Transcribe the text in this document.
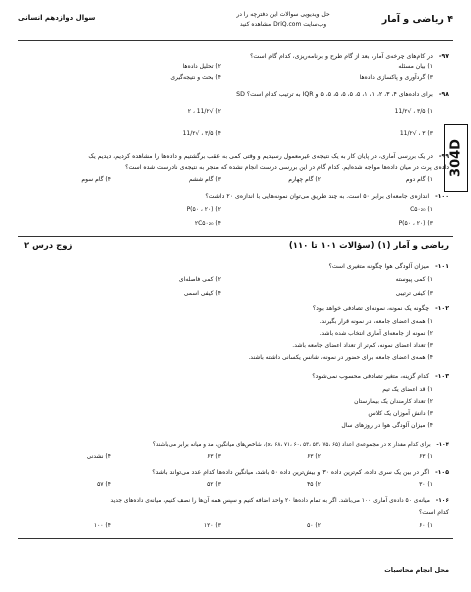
۴ ریاضی و آمار
حل ویدیویی سوالات این دفترچه را در
وب‌سایت DriQ.com مشاهده کنید
سوال دوازدهم انسانی
304D
۹۷- در کام‌های چرخه‌ی آمار، بعد از گام طرح و برنامه‌ریزی، کدام گام است؟
۱) بیان مسئله
۲) تحلیل داده‌ها
۳) گردآوری و پاکسازی داده‌ها
۴) بحث و نتیجه‌گیری
۹۸- برای داده‌های ۴، ۳، ۲، ۱، ۱، ۵، ۵، ۵، ۵، ۵، ۵ و IQR به ترتیب کدام است؟ SD
۱) ۳/۵ ، √11/۲
۲) √11/۲ ، ۲
۳) ۳ ، √11/۲
۴) ۳/۵ ، √11/۲
۹۹- در یک بررسی آماری، در پایان کار به یک نتیجه‌ی غیرمعمول رسیدیم و وقتی کمی به عقب برگشتیم و داده‌ها را مشاهده کردیم، دیدیم یک
داده‌ی پرت در میان داده‌ها مواجه شده‌ایم. کدام گام در این بررسی درست انجام نشده که منجر به نتیجه‌ی نادرست شده است؟
۱) گام دوم
۲) گام چهارم
۳) گام ششم
۴) گام سوم
۱۰۰- اندازه‌ی جامعه‌ای برابر ۵۰ است. به چند طریق می‌توان نمونه‌هایی با اندازه‌ی ۲۰ داشت؟
۱) C۵۰₂₀
۲) P(۵۰ ، ۲۰)
۳) P(۵۰ ، ۲۰)
۴) ۲C۵۰₂₀
ریاضی و آمار (۱) (سؤالات ۱۰۱ تا ۱۱۰)
زوج درس ۲
۱۰۱- میزان آلودگی هوا چگونه متغیری است؟
۱) کمی پیوسته
۲) کمی فاصله‌ای
۳) کیفی ترتیبی
۴) کیفی اسمی
۱۰۲- چگونه یک نمونه، نمونه‌ای تصادفی خواهد بود؟
۱) همه‌ی اعضای جامعه، در نمونه قرار بگیرند.
۲) نمونه از جامعه‌ای آماری انتخاب شده باشد.
۳) تعداد اعضای نمونه، کم‌تر از تعداد اعضای جامعه باشد.
۴) همه‌ی اعضای جامعه برای حضور در نمونه، شانس یکسانی داشته باشند.
۱۰۳- کدام گزینه، متغیر تصادفی محسوب نمی‌شود؟
۱) قد اعضای یک تیم
۲) تعداد کارمندان یک بیمارستان
۳) دانش آموزان یک کلاس
۴) میزان آلودگی هوا در روزهای سال
۱۰۴- برای کدام مقدار x در مجموعه‌ی اعداد (x، ۶۸، ۷۱، ۶۰، ۵۳، ۵۳، ۷۵، ۶۵)، شاخص‌های میانگین، مد و میانه برابر می‌باشند؟
۱) ۶۳
۲) ۶۳
۳) ۶۳
۴) نشدنی
۱۰۵- اگر در بین یک سری داده، کم‌ترین داده ۳۰ و بیش‌ترین داده ۵۰ باشد، میانگین داده‌ها کدام عدد می‌تواند باشد؟
۱) ۳۰
۲) ۴۵
۳) ۵۲
۴) ۵۷
۱۰۶- میانه‌ی ۵۰ داده‌ی آماری ۱۰۰ می‌باشد. اگر به تمام داده‌ها ۲۰ واحد اضافه کنیم و سپس همه آن‌ها را نصف کنیم، میانه‌ی داده‌های جدید
کدام است؟
۱) ۶۰
۲) ۵۰
۳) ۱۲۰
۴) ۱۰۰
محل انجام محاسبات
